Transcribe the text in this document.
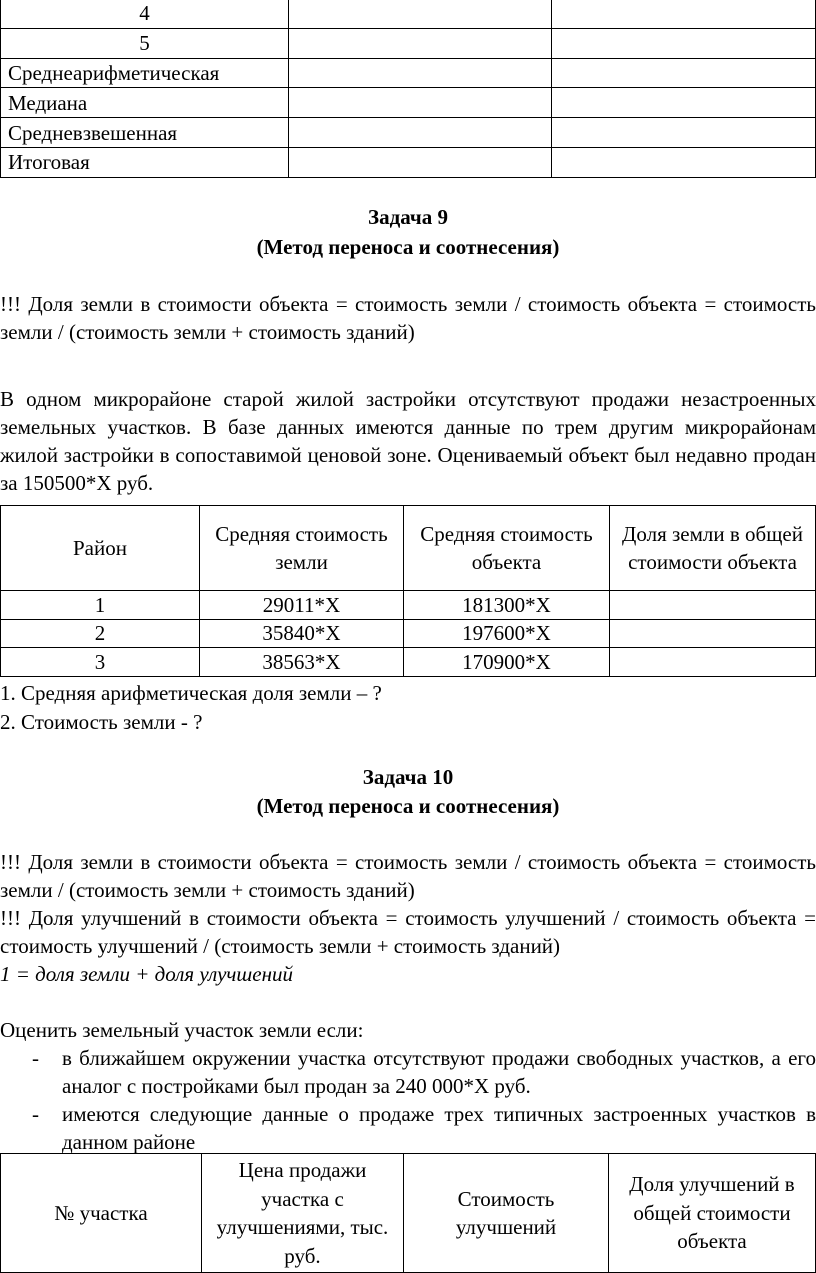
4		
5		
Среднеарифметическая		
Медиана		
Средневзвешенная		
Итоговая		
Задача 9
(Метод переноса и соотнесения)
!!! Доля земли в стоимости объекта = стоимость земли / стоимость объекта = стоимость земли / (стоимость земли + стоимость зданий)
В одном микрорайоне старой жилой застройки отсутствуют продажи незастроенных земельных участков. В базе данных имеются данные по трем другим микрорайонам жилой застройки в сопоставимой ценовой зоне. Оцениваемый объект был недавно продан за 150500*Х руб.
Район	Средняя стоимость земли	Средняя стоимость объекта	Доля земли в общей стоимости объекта
1	29011*Х	181300*Х	
2	35840*Х	197600*Х	
3	38563*Х	170900*Х	
1. Средняя арифметическая доля земли – ?
2. Стоимость земли - ?
Задача 10
(Метод переноса и соотнесения)
!!! Доля земли в стоимости объекта = стоимость земли / стоимость объекта = стоимость земли / (стоимость земли + стоимость зданий)
!!! Доля улучшений в стоимости объекта = стоимость улучшений / стоимость объекта = стоимость улучшений / (стоимость земли + стоимость зданий)
1 = доля земли + доля улучшений
Оценить земельный участок земли если:
- в ближайшем окружении участка отсутствуют продажи свободных участков, а его аналог с постройками был продан за 240 000*Х руб.
- имеются следующие данные о продаже трех типичных застроенных участков в данном районе
№ участка	Цена продажи участка с улучшениями, тыс. руб.	Стоимость улучшений	Доля улучшений в общей стоимости объекта
